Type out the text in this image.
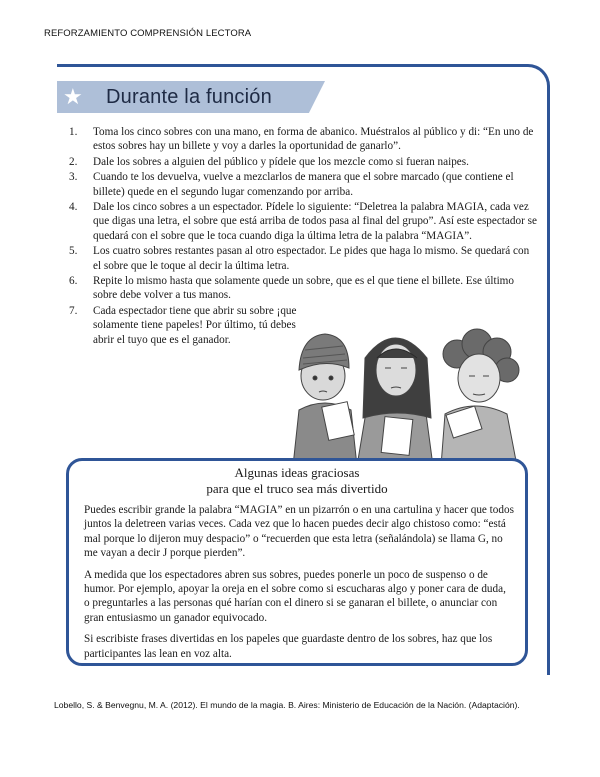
REFORZAMIENTO COMPRENSIÓN LECTORA
★ Durante la función
1. Toma los cinco sobres con una mano, en forma de abanico. Muéstralos al público y di: “En uno de estos sobres hay un billete y voy a darles la oportunidad de ganarlo”.
2. Dale los sobres a alguien del público y pídele que los mezcle como si fueran naipes.
3. Cuando te los devuelva, vuelve a mezclarlos de manera que el sobre marcado (que contiene el billete) quede en el segundo lugar comenzando por arriba.
4. Dale los cinco sobres a un espectador. Pídele lo siguiente: “Deletrea la palabra MAGIA, cada vez que digas una letra, el sobre que está arriba de todos pasa al final del grupo”. Así este espectador se quedará con el sobre que le toca cuando diga la última letra de la palabra “MAGIA”.
5. Los cuatro sobres restantes pasan al otro espectador. Le pides que haga lo mismo. Se quedará con el sobre que le toque al decir la última letra.
6. Repite lo mismo hasta que solamente quede un sobre, que es el que tiene el billete. Ese último sobre debe volver a tus manos.
7. Cada espectador tiene que abrir su sobre ¡que solamente tiene papeles! Por último, tú debes abrir el tuyo que es el ganador.
Algunas ideas graciosas
para que el truco sea más divertido

Puedes escribir grande la palabra “MAGIA” en un pizarrón o en una cartulina y hacer que todos juntos la deletreen varias veces. Cada vez que lo hacen puedes decir algo chistoso como: “está mal porque lo dijeron muy despacio” o “recuerden que esta letra (señalándola) se llama G, no me vayan a decir J porque pierden”.

A medida que los espectadores abren sus sobres, puedes ponerle un poco de suspenso o de humor. Por ejemplo, apoyar la oreja en el sobre como si escucharas algo y poner cara de duda, o preguntarles a las personas qué harían con el dinero si se ganaran el billete, o anunciar con gran entusiasmo un ganador equivocado.

Si escribiste frases divertidas en los papeles que guardaste dentro de los sobres, haz que los participantes las lean en voz alta.

Lobello, S. & Benvegnu, M. A. (2012). El mundo de la magia. B. Aires: Ministerio de Educación de la Nación. (Adaptación).
